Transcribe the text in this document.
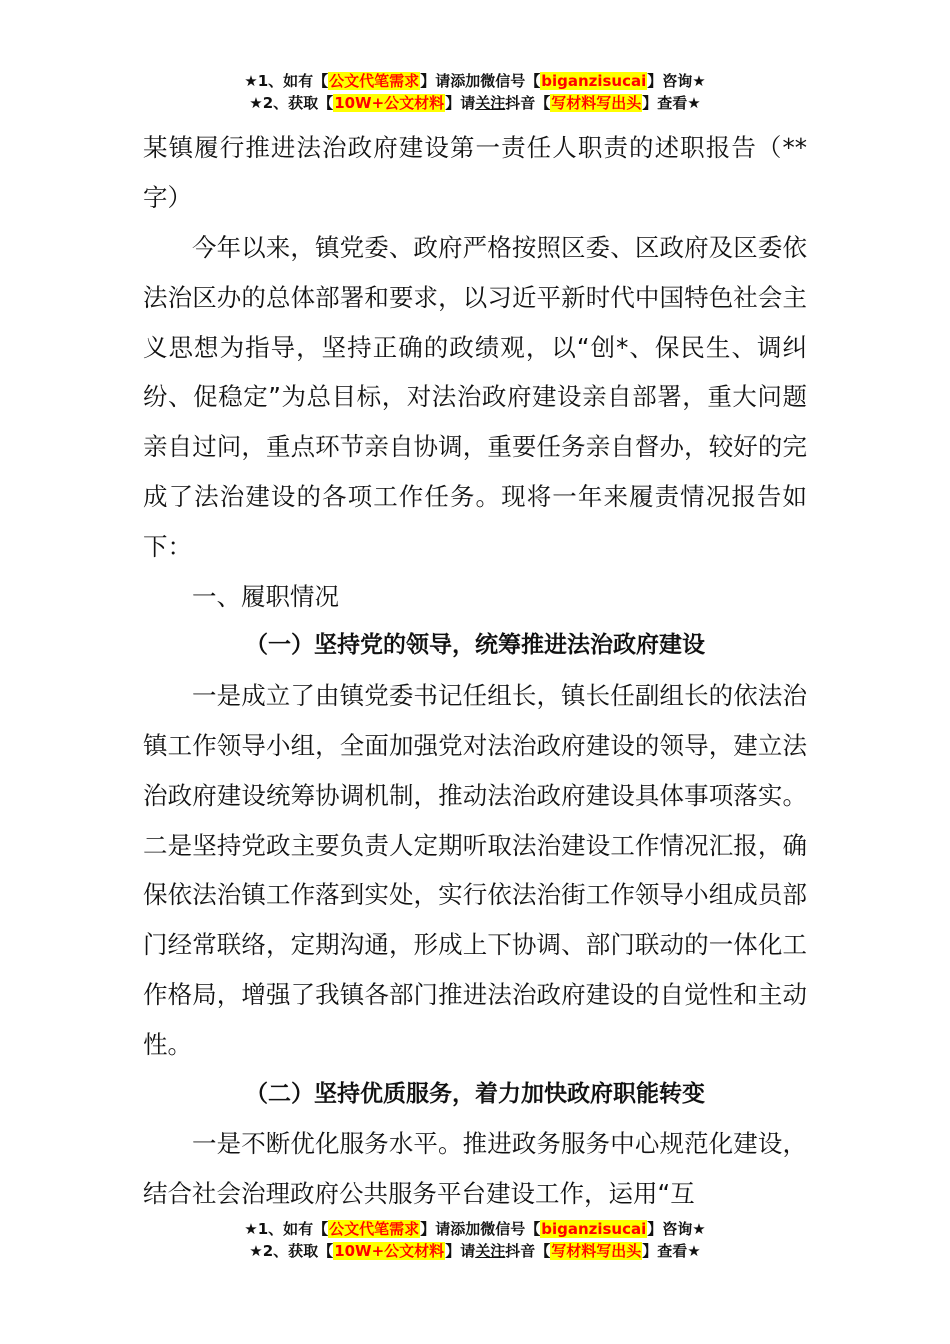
★1、如有【公文代笔需求】请添加微信号【biganzisucai】咨询★
★2、获取【10W+公文材料】请关注抖音【写材料写出头】查看★

某镇履行推进法治政府建设第一责任人职责的述职报告（**字）

今年以来，镇党委、政府严格按照区委、区政府及区委依法治区办的总体部署和要求，以习近平新时代中国特色社会主义思想为指导，坚持正确的政绩观，以“创*、保民生、调纠纷、促稳定”为总目标，对法治政府建设亲自部署，重大问题亲自过问，重点环节亲自协调，重要任务亲自督办，较好的完成了法治建设的各项工作任务。现将一年来履责情况报告如下：

一、履职情况

（一）坚持党的领导，统筹推进法治政府建设

一是成立了由镇党委书记任组长，镇长任副组长的依法治镇工作领导小组，全面加强党对法治政府建设的领导，建立法治政府建设统筹协调机制，推动法治政府建设具体事项落实。二是坚持党政主要负责人定期听取法治建设工作情况汇报，确保依法治镇工作落到实处，实行依法治街工作领导小组成员部门经常联络，定期沟通，形成上下协调、部门联动的一体化工作格局，增强了我镇各部门推进法治政府建设的自觉性和主动性。

（二）坚持优质服务，着力加快政府职能转变

一是不断优化服务水平。推进政务服务中心规范化建设，结合社会治理政府公共服务平台建设工作，运用“互

★1、如有【公文代笔需求】请添加微信号【biganzisucai】咨询★
★2、获取【10W+公文材料】请关注抖音【写材料写出头】查看★
